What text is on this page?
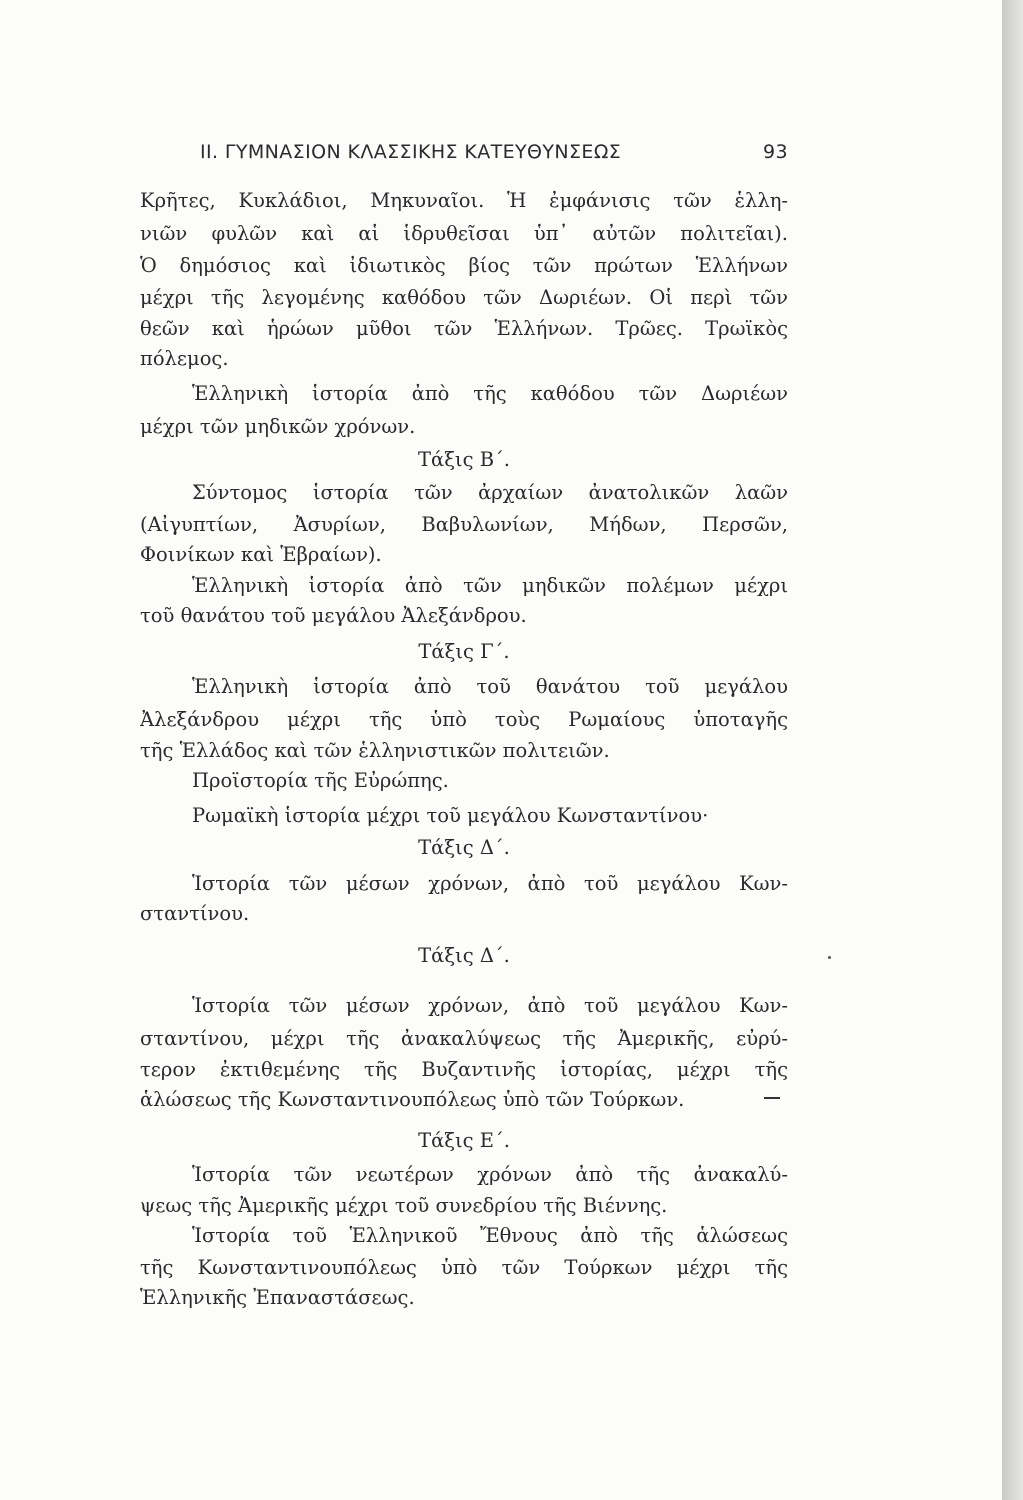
ΙΙ. ΓΥΜΝΑΣΙΟΝ ΚΛΑΣΣΙΚΗΣ ΚΑΤΕΥΘΥΝΣΕΩΣ	93
Κρῆτες, Κυκλάδιοι, Μηκυναῖοι. Ἡ ἐμφάνισις τῶν ἑλλη-
νιῶν φυλῶν καὶ αἱ ἱδρυθεῖσαι ὑπ᾽ αὐτῶν πολιτεῖαι).
Ὁ δημόσιος καὶ ἰδιωτικὸς βίος τῶν πρώτων Ἑλλήνων
μέχρι τῆς λεγομένης καθόδου τῶν Δωριέων. Οἱ περὶ τῶν
θεῶν καὶ ἡρώων μῦθοι τῶν Ἑλλήνων. Τρῶες. Τρωϊκὸς
πόλεμος.
Ἑλληνικὴ ἱστορία ἀπὸ τῆς καθόδου τῶν Δωριέων
μέχρι τῶν μηδικῶν χρόνων.
Τάξις Β΄.
Σύντομος ἱστορία τῶν ἀρχαίων ἀνατολικῶν λαῶν
(Αἰγυπτίων, Ἀσυρίων, Βαβυλωνίων, Μήδων, Περσῶν,
Φοινίκων καὶ Ἑβραίων).
Ἑλληνικὴ ἱστορία ἀπὸ τῶν μηδικῶν πολέμων μέχρι
τοῦ θανάτου τοῦ μεγάλου Ἀλεξάνδρου.
Τάξις Γ΄.
Ἑλληνικὴ ἱστορία ἀπὸ τοῦ θανάτου τοῦ μεγάλου
Ἀλεξάνδρου μέχρι τῆς ὑπὸ τοὺς Ρωμαίους ὑποταγῆς
τῆς Ἑλλάδος καὶ τῶν ἑλληνιστικῶν πολιτειῶν.
Προϊστορία τῆς Εὐρώπης.
Ρωμαϊκὴ ἱστορία μέχρι τοῦ μεγάλου Κωνσταντίνου·
Τάξις Δ΄.
Ἱστορία τῶν μέσων χρόνων, ἀπὸ τοῦ μεγάλου Κων-
σταντίνου.
Τάξις Δ΄.
Ἱστορία τῶν μέσων χρόνων, ἀπὸ τοῦ μεγάλου Κων-
σταντίνου, μέχρι τῆς ἀνακαλύψεως τῆς Ἀμερικῆς, εὐρύ-
τερον ἐκτιθεμένης τῆς Βυζαντινῆς ἱστορίας, μέχρι τῆς
ἁλώσεως τῆς Κωνσταντινουπόλεως ὑπὸ τῶν Τούρκων.
Τάξις Ε΄.
Ἱστορία τῶν νεωτέρων χρόνων ἀπὸ τῆς ἀνακαλύ-
ψεως τῆς Ἀμερικῆς μέχρι τοῦ συνεδρίου τῆς Βιέννης.
Ἱστορία τοῦ Ἑλληνικοῦ Ἔθνους ἀπὸ τῆς ἁλώσεως
τῆς Κωνσταντινουπόλεως ὑπὸ τῶν Τούρκων μέχρι τῆς
Ἑλληνικῆς Ἐπαναστάσεως.
